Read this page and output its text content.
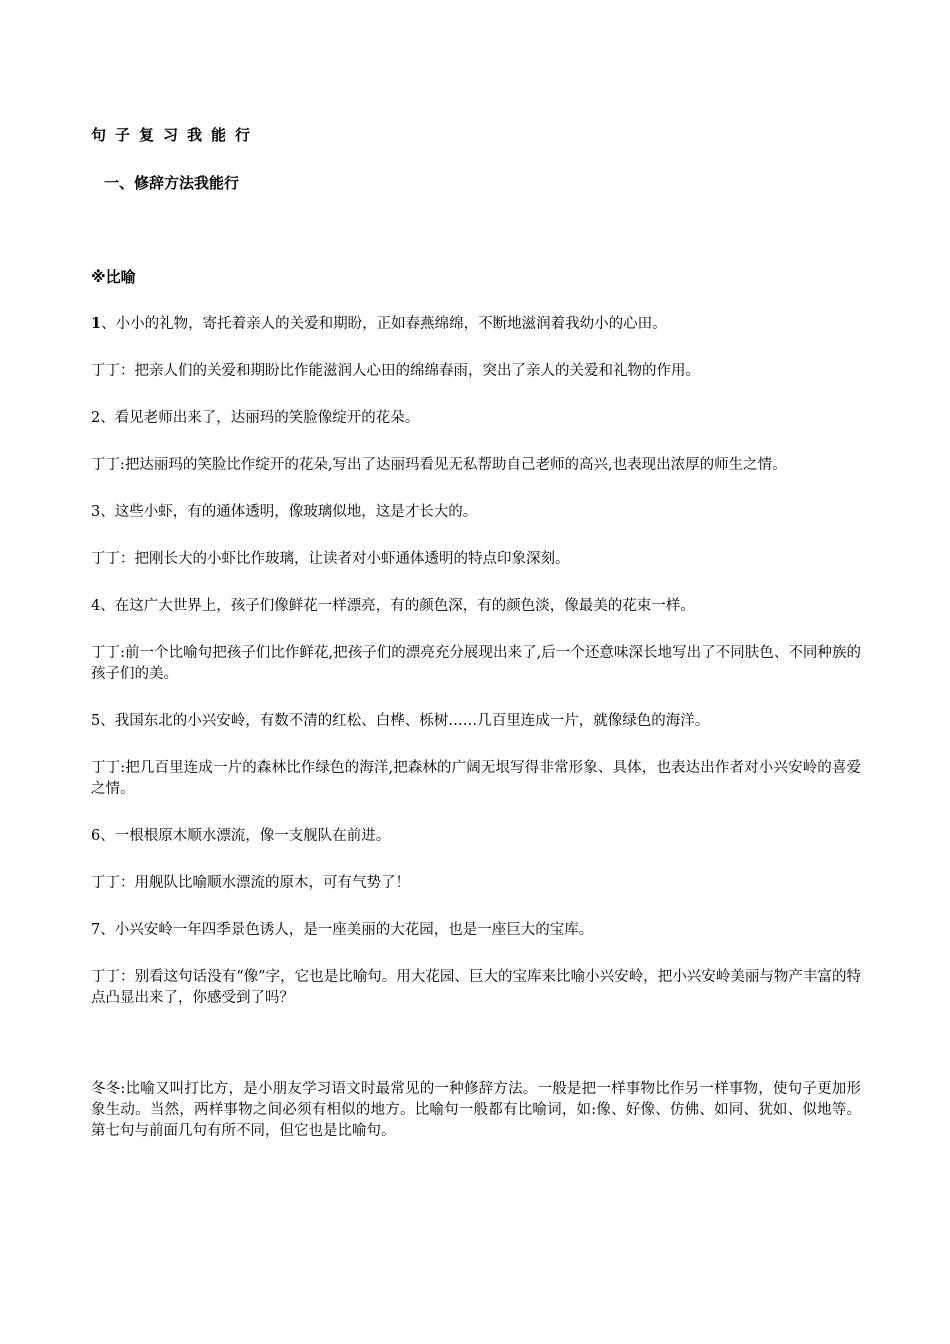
句子复习我能行
一、修辞方法我能行
※比喻

1、小小的礼物，寄托着亲人的关爱和期盼，正如春燕绵绵，不断地滋润着我幼小的心田。

丁丁：把亲人们的关爱和期盼比作能滋润人心田的绵绵春雨，突出了亲人的关爱和礼物的作用。

2、看见老师出来了，达丽玛的笑脸像绽开的花朵。

丁丁:把达丽玛的笑脸比作绽开的花朵,写出了达丽玛看见无私帮助自己老师的高兴,也表现出浓厚的师生之情。

3、这些小虾，有的通体透明，像玻璃似地，这是才长大的。

丁丁：把刚长大的小虾比作玻璃，让读者对小虾通体透明的特点印象深刻。

4、在这广大世界上，孩子们像鲜花一样漂亮，有的颜色深，有的颜色淡，像最美的花束一样。

丁丁:前一个比喻句把孩子们比作鲜花,把孩子们的漂亮充分展现出来了,后一个还意味深长地写出了不同肤色、不同种族的孩子们的美。

5、我国东北的小兴安岭，有数不清的红松、白桦、栎树……几百里连成一片，就像绿色的海洋。

丁丁:把几百里连成一片的森林比作绿色的海洋,把森林的广阔无垠写得非常形象、具体，也表达出作者对小兴安岭的喜爱之情。

6、一根根原木顺水漂流，像一支舰队在前进。

丁丁：用舰队比喻顺水漂流的原木，可有气势了！

7、小兴安岭一年四季景色诱人，是一座美丽的大花园，也是一座巨大的宝库。

丁丁：别看这句话没有“像”字，它也是比喻句。用大花园、巨大的宝库来比喻小兴安岭，把小兴安岭美丽与物产丰富的特点凸显出来了，你感受到了吗？

冬冬:比喻又叫打比方，是小朋友学习语文时最常见的一种修辞方法。一般是把一样事物比作另一样事物，使句子更加形象生动。当然，两样事物之间必须有相似的地方。比喻句一般都有比喻词，如:像、好像、仿佛、如同、犹如、似地等。第七句与前面几句有所不同，但它也是比喻句。
